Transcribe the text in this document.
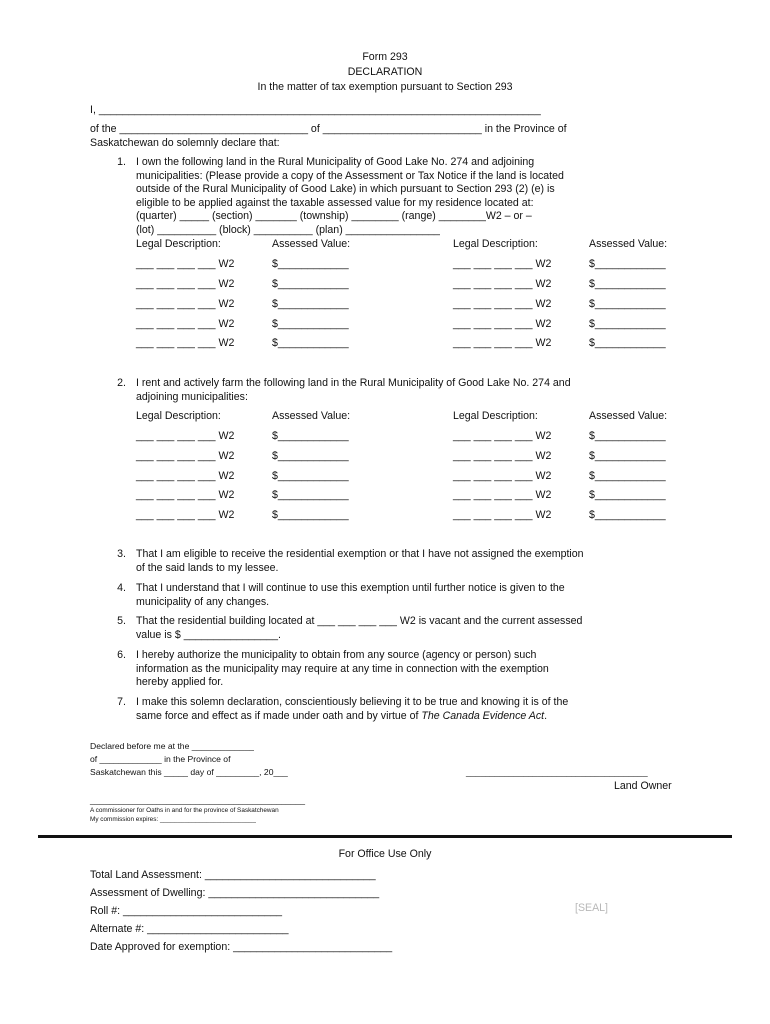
Form 293
DECLARATION
In the matter of tax exemption pursuant to Section 293
I, ___________________________________________________________________________
of the ________________________________ of ___________________________ in the Province of
Saskatchewan do solemnly declare that:
1. I own the following land in the Rural Municipality of Good Lake No. 274 and adjoining
municipalities: (Please provide a copy of the Assessment or Tax Notice if the land is located
outside of the Rural Municipality of Good Lake) in which pursuant to Section 293 (2) (e) is
eligible to be applied against the taxable assessed value for my residence located at:
(quarter) _____ (section) _______ (township) ________ (range) ________W2 – or –
(lot) __________ (block) __________ (plan) ________________
Legal Description:	Assessed Value:	Legal Description:	Assessed Value:
___ ___ ___ ___ W2	$____________	___ ___ ___ ___ W2	$____________
___ ___ ___ ___ W2	$____________	___ ___ ___ ___ W2	$____________
___ ___ ___ ___ W2	$____________	___ ___ ___ ___ W2	$____________
___ ___ ___ ___ W2	$____________	___ ___ ___ ___ W2	$____________
___ ___ ___ ___ W2	$____________	___ ___ ___ ___ W2	$____________
2. I rent and actively farm the following land in the Rural Municipality of Good Lake No. 274 and
adjoining municipalities:
Legal Description:	Assessed Value:	Legal Description:	Assessed Value:
___ ___ ___ ___ W2	$____________	___ ___ ___ ___ W2	$____________
___ ___ ___ ___ W2	$____________	___ ___ ___ ___ W2	$____________
___ ___ ___ ___ W2	$____________	___ ___ ___ ___ W2	$____________
___ ___ ___ ___ W2	$____________	___ ___ ___ ___ W2	$____________
___ ___ ___ ___ W2	$____________	___ ___ ___ ___ W2	$____________
3. That I am eligible to receive the residential exemption or that I have not assigned the exemption
of the said lands to my lessee.
4. That I understand that I will continue to use this exemption until further notice is given to the
municipality of any changes.
5. That the residential building located at ___ ___ ___ ___ W2 is vacant and the current assessed
value is $ ________________.
6. I hereby authorize the municipality to obtain from any source (agency or person) such
information as the municipality may require at any time in connection with the exemption
hereby applied for.
7. I make this solemn declaration, conscientiously believing it to be true and knowing it is of the
same force and effect as if made under oath and by virtue of The Canada Evidence Act.
Declared before me at the _____________
of _____________ in the Province of
Saskatchewan this _____ day of _________, 20___	______________________________________
Land Owner
_____________________________________________
A commissioner for Oaths in and for the province of Saskatchewan
My commission expires: ___________________________
For Office Use Only
Total Land Assessment: _____________________________
Assessment of Dwelling: _____________________________
Roll #: ___________________________
Alternate #: ________________________
Date Approved for exemption: ___________________________
[SEAL]
